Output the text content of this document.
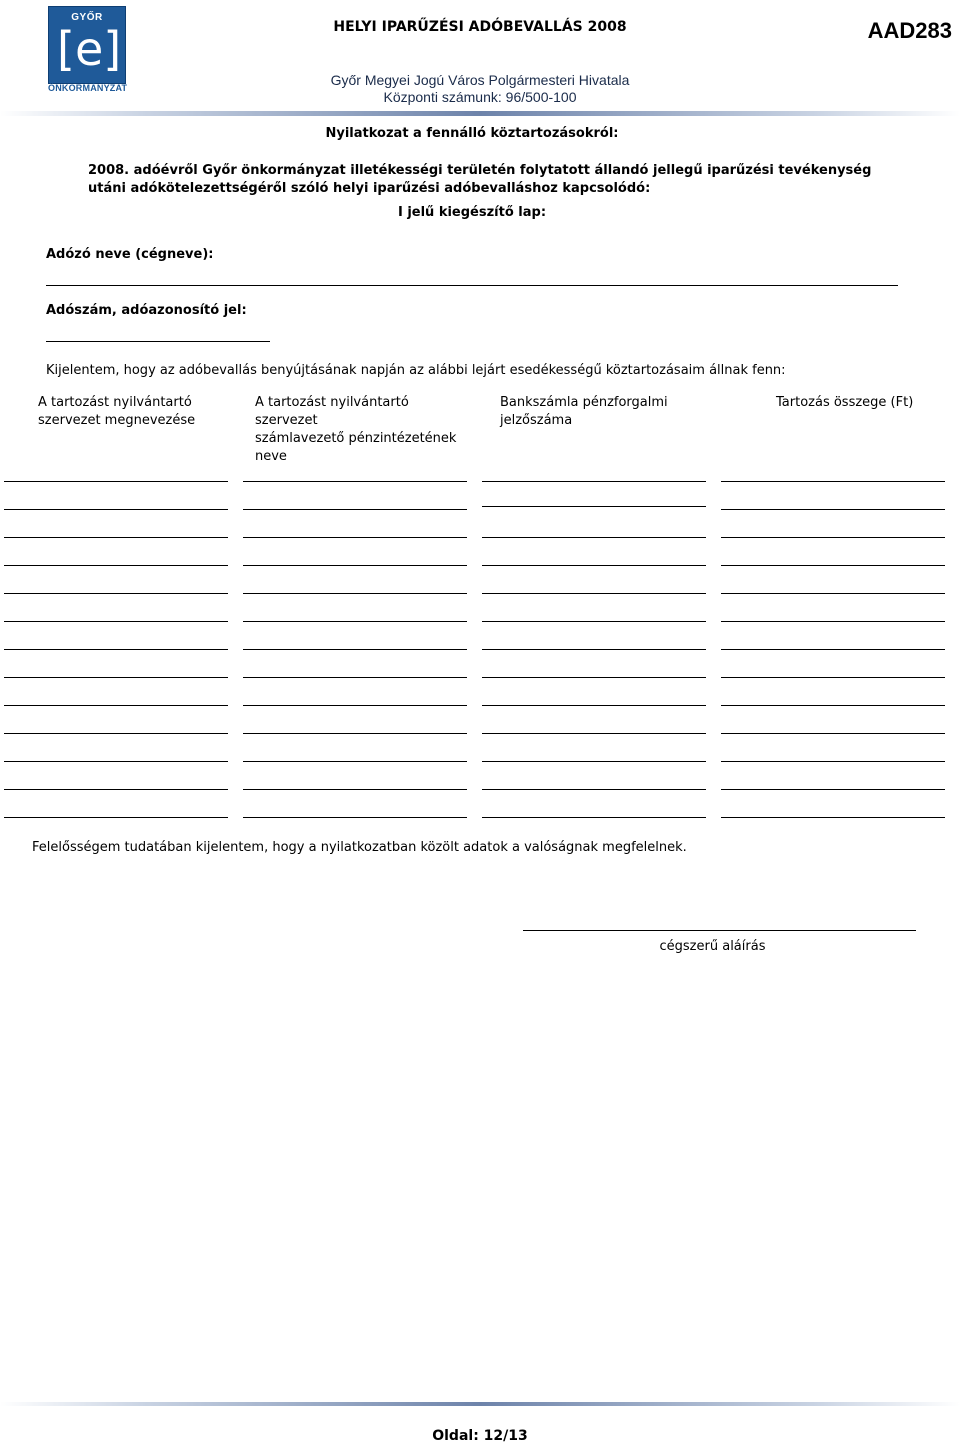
GYŐR
[e]
ÖNKORMÁNYZAT
HELYI IPARŰZÉSI ADÓBEVALLÁS 2008	AAD283
Győr Megyei Jogú Város Polgármesteri Hivatala
Központi számunk: 96/500-100
Nyilatkozat a fennálló köztartozásokról:
2008. adóévről Győr önkormányzat illetékességi területén folytatott állandó jellegű iparűzési tevékenység
utáni adókötelezettségéről szóló helyi iparűzési adóbevalláshoz kapcsolódó:
I jelű kiegészítő lap:
Adózó neve (cégneve):
Adószám, adóazonosító jel:
Kijelentem, hogy az adóbevallás benyújtásának napján az alábbi lejárt esedékességű köztartozásaim állnak fenn:
A tartozást nyilvántartó
szervezet megnevezése
A tartozást nyilvántartó szervezet
számlavezető pénzintézetének
neve
Bankszámla pénzforgalmi
jelzőszáma
Tartozás összege (Ft)
Felelősségem tudatában kijelentem, hogy a nyilatkozatban közölt adatok a valóságnak megfelelnek.
cégszerű aláírás
Oldal: 12/13
